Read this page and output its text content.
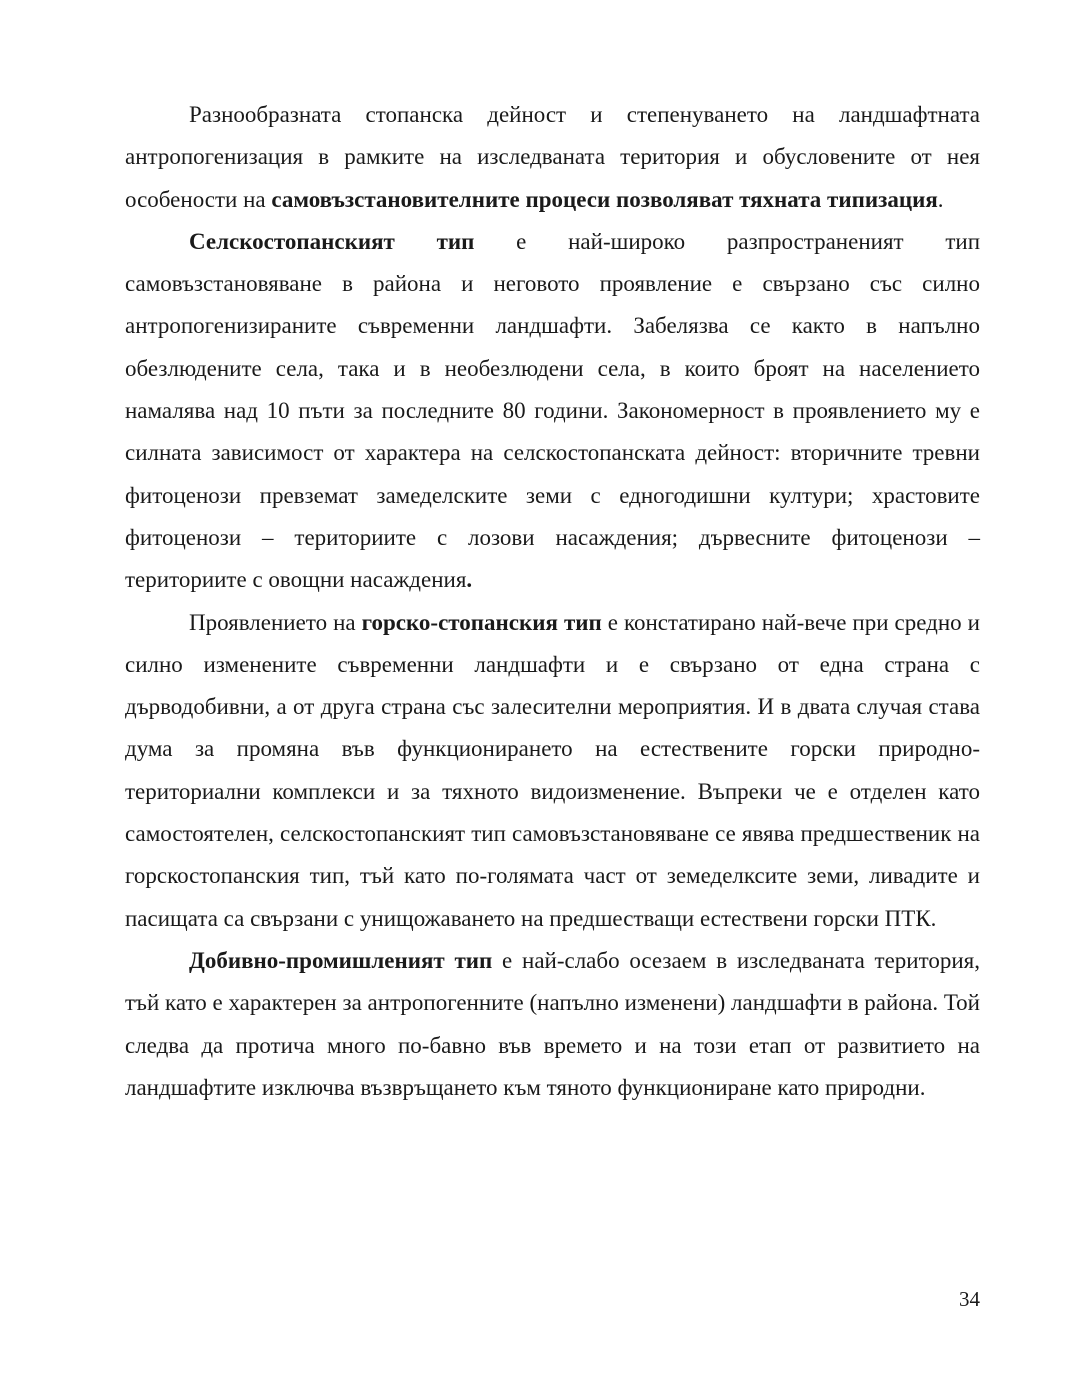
Разнообразната стопанска дейност и степенуването на ландшафтната антропогенизация в рамките на изследваната територия и обусловените от нея особености на самовъзстановителните процеси позволяват тяхната типизация.

Селскостопанският тип е най-широко разпространеният тип самовъзстановяване в района и неговото проявление е свързано със силно антропогенизираните съвременни ландшафти. Забелязва се както в напълно обезлюдените села, така и в необезлюдени села, в които броят на населението намалява над 10 пъти за последните 80 години. Закономерност в проявлението му е силната зависимост от характера на селскостопанската дейност: вторичните тревни фитоценози превземат замеделските земи с едногодишни култури; храстовите фитоценози – териториите с лозови насаждения; дървесните фитоценози – териториите с овощни насаждения.

Проявлението на горско-стопанския тип е констатирано най-вече при средно и силно изменените съвременни ландшафти и е свързано от една страна с дърводобивни, а от друга страна със залесителни мероприятия. И в двата случая става дума за промяна във функционирането на естествените горски природно-териториални комплекси и за тяхното видоизменение. Въпреки че е отделен като самостоятелен, селскостопанският тип самовъзстановяване се явява предшественик на горскостопанския тип, тъй като по-голямата част от земеделксите земи, ливадите и пасищата са свързани с унищожаването на предшестващи естествени горски ПТК.

Добивно-промишленият тип е най-слабо осезаем в изследваната територия, тъй като е характерен за антропогенните (напълно изменени) ландшафти в района. Той следва да протича много по-бавно във времето и на този етап от развитието на ландшафтите изключва възвръщането към тяното функциониране като природни.

34
